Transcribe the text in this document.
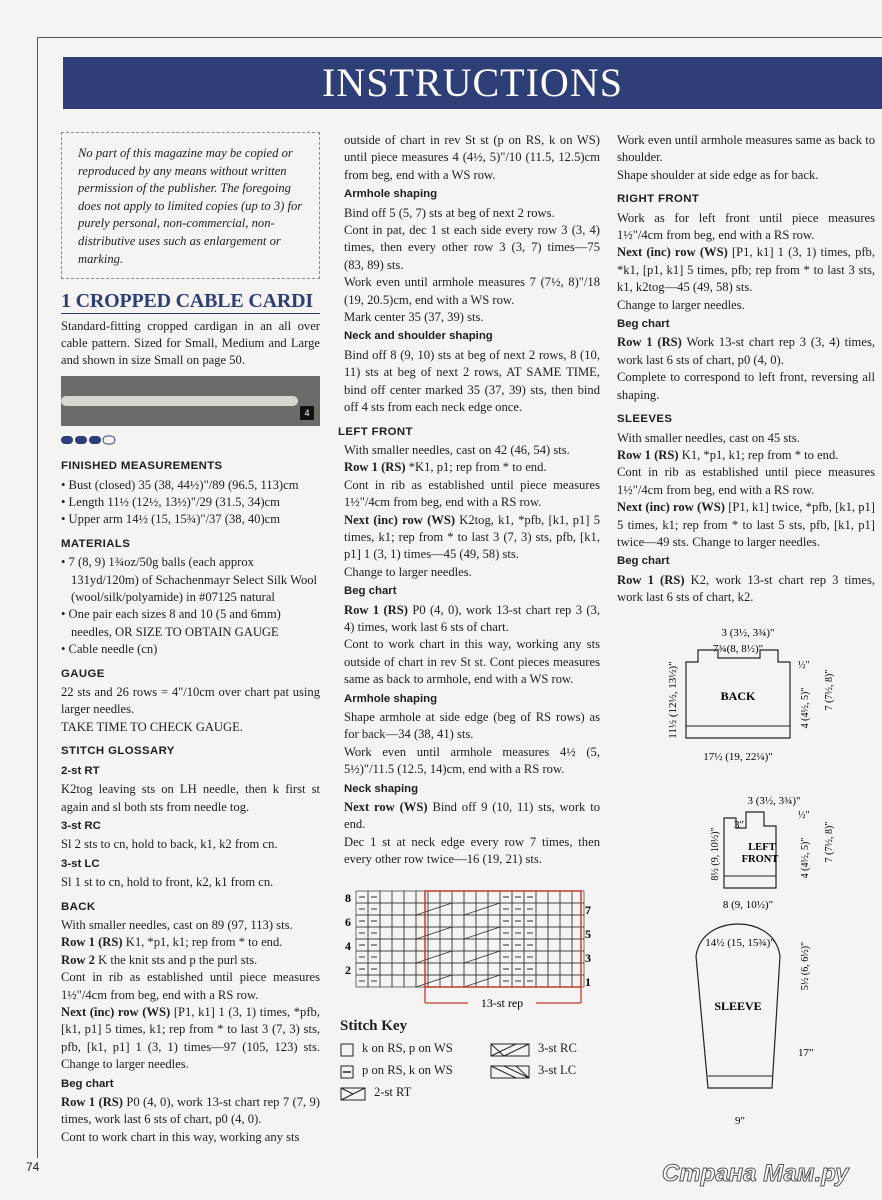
INSTRUCTIONS
No part of this magazine may be copied or reproduced by any means without written permission of the publisher. The foregoing does not apply to limited copies (up to 3) for purely personal, non-commercial, non-distributive uses such as enlargement or marking.
1 CROPPED CABLE CARDI
Standard-fitting cropped cardigan in an all over cable pattern. Sized for Small, Medium and Large and shown in size Small on page 50.
4
FINISHED MEASUREMENTS
• Bust (closed) 35 (38, 44½)"/89 (96.5, 113)cm
• Length 11½ (12½, 13½)"/29 (31.5, 34)cm
• Upper arm 14½ (15, 15¾)"/37 (38, 40)cm
MATERIALS
• 7 (8, 9) 1¾oz/50g balls (each approx 131yd/120m) of Schachenmayr Select Silk Wool (wool/silk/polyamide) in #07125 natural
• One pair each sizes 8 and 10 (5 and 6mm) needles, OR SIZE TO OBTAIN GAUGE
• Cable needle (cn)
GAUGE
22 sts and 26 rows = 4"/10cm over chart pat using larger needles.
TAKE TIME TO CHECK GAUGE.
STITCH GLOSSARY
2-st RT
K2tog leaving sts on LH needle, then k first st again and sl both sts from needle tog.
3-st RC
Sl 2 sts to cn, hold to back, k1, k2 from cn.
3-st LC
Sl 1 st to cn, hold to front, k2, k1 from cn.
BACK
With smaller needles, cast on 89 (97, 113) sts.
Row 1 (RS) K1, *p1, k1; rep from * to end.
Row 2 K the knit sts and p the purl sts.
Cont in rib as established until piece measures 1½"/4cm from beg, end with a RS row.
Next (inc) row (WS) [P1, k1] 1 (3, 1) times, *pfb, [k1, p1] 5 times, k1; rep from * to last 3 (7, 3) sts, pfb, [k1, p1] 1 (3, 1) times—97 (105, 123) sts. Change to larger needles.
Beg chart
Row 1 (RS) P0 (4, 0), work 13-st chart rep 7 (7, 9) times, work last 6 sts of chart, p0 (4, 0).
Cont to work chart in this way, working any sts
outside of chart in rev St st (p on RS, k on WS) until piece measures 4 (4½, 5)"/10 (11.5, 12.5)cm from beg, end with a WS row.
Armhole shaping
Bind off 5 (5, 7) sts at beg of next 2 rows.
Cont in pat, dec 1 st each side every row 3 (3, 4) times, then every other row 3 (3, 7) times—75 (83, 89) sts.
Work even until armhole measures 7 (7½, 8)"/18 (19, 20.5)cm, end with a WS row.
Mark center 35 (37, 39) sts.
Neck and shoulder shaping
Bind off 8 (9, 10) sts at beg of next 2 rows, 8 (10, 11) sts at beg of next 2 rows, AT SAME TIME, bind off center marked 35 (37, 39) sts, then bind off 4 sts from each neck edge once.
LEFT FRONT
With smaller needles, cast on 42 (46, 54) sts.
Row 1 (RS) *K1, p1; rep from * to end.
Cont in rib as established until piece measures 1½"/4cm from beg, end with a RS row.
Next (inc) row (WS) K2tog, k1, *pfb, [k1, p1] 5 times, k1; rep from * to last 3 (7, 3) sts, pfb, [k1, p1] 1 (3, 1) times—45 (49, 58) sts.
Change to larger needles.
Beg chart
Row 1 (RS) P0 (4, 0), work 13-st chart rep 3 (3, 4) times, work last 6 sts of chart.
Cont to work chart in this way, working any sts outside of chart in rev St st. Cont pieces measures same as back to armhole, end with a WS row.
Armhole shaping
Shape armhole at side edge (beg of RS rows) as for back—34 (38, 41) sts.
Work even until armhole measures 4½ (5, 5½)"/11.5 (12.5, 14)cm, end with a RS row.
Neck shaping
Next row (WS) Bind off 9 (10, 11) sts, work to end.
Dec 1 st at neck edge every row 7 times, then every other row twice—16 (19, 21) sts.
Work even until armhole measures same as back to shoulder.
Shape shoulder at side edge as for back.
RIGHT FRONT
Work as for left front until piece measures 1½"/4cm from beg, end with a RS row.
Next (inc) row (WS) [P1, k1] 1 (3, 1) times, pfb, *k1, [p1, k1] 5 times, pfb; rep from * to last 3 sts, k1, k2tog—45 (49, 58) sts.
Change to larger needles.
Beg chart
Row 1 (RS) Work 13-st chart rep 3 (3, 4) times, work last 6 sts of chart, p0 (4, 0).
Complete to correspond to left front, reversing all shaping.
SLEEVES
With smaller needles, cast on 45 sts.
Row 1 (RS) K1, *p1, k1; rep from * to end.
Cont in rib as established until piece measures 1½"/4cm from beg, end with a RS row.
Next (inc) row (WS) [P1, k1] twice, *pfb, [k1, p1] 5 times, k1; rep from * to last 5 sts, pfb, [k1, p1] twice—49 sts. Change to larger needles.
Beg chart
Row 1 (RS) K2, work 13-st chart rep 3 times, work last 6 sts of chart, k2.
13-st rep
8
6
4
2
7
5
3
1
Stitch Key
k on RS, p on WS	3-st RC
p on RS, k on WS	3-st LC
2-st RT
BACK
3 (3½, 3¾)"
7¾(8, 8½)"
17½ (19, 22¼)"
11½ (12½, 13½)"	½"
4 (4½, 5)" 7 (7½, 8)"
LEFT
FRONT
3 (3½, 3¾)"
3"
8 (9, 10½)"
8½ (9, 10½)"
½"
4 (4½, 5)" 7 (7½, 8)"
SLEEVE
14½ (15, 15¾)"	5½ (6, 6½)"
17"
9"
74	Страна Мам.ру
